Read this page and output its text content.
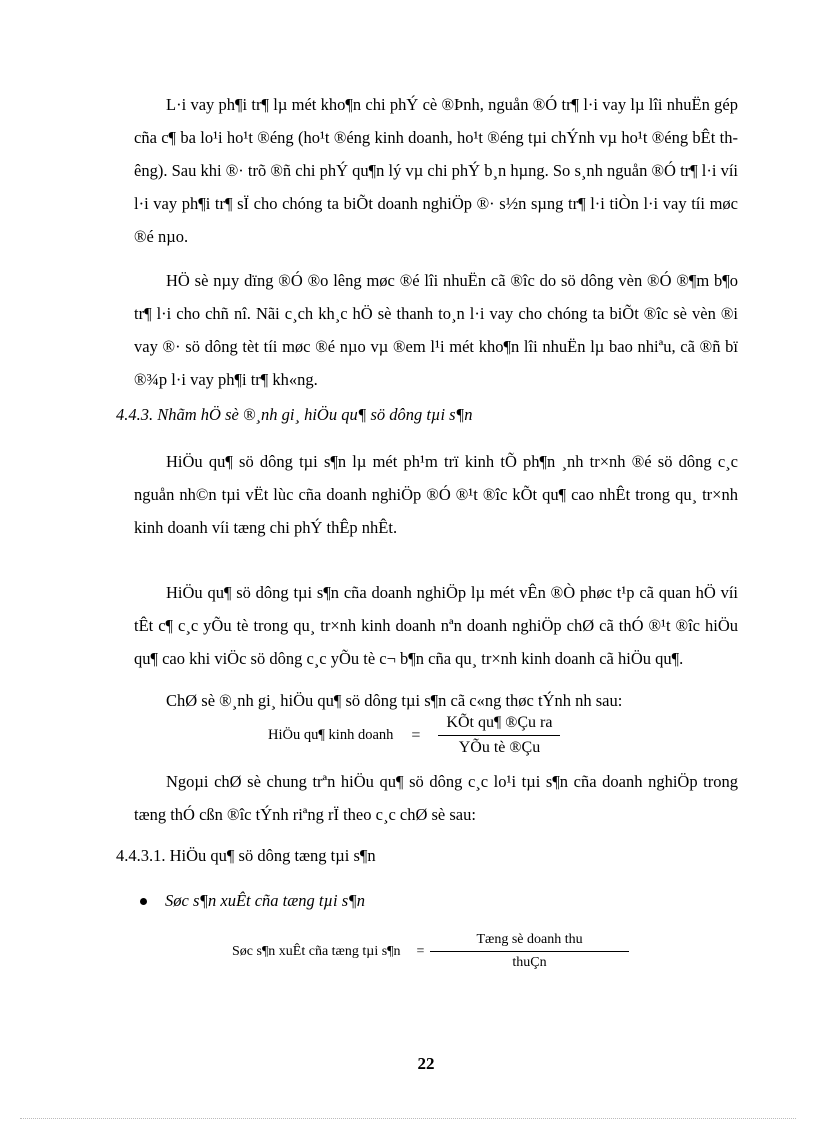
L·i vay ph¶i tr¶ lµ mét kho¶n chi phÝ cè ®Þnh, nguån ®Ó tr¶ l·i vay lµ lîi nhuËn gép cña c¶ ba lo¹i ho¹t ®éng (ho¹t ®éng kinh doanh, ho¹t ®éng tµi chÝnh vµ ho¹t ®éng bÊt thêng). Sau khi ®· trõ ®ñ chi phÝ qu¶n lý vµ chi phÝ b¸n hµng. So s¸nh nguån ®Ó tr¶ l·i víi l·i vay ph¶i tr¶ sÏ cho chóng ta biÕt doanh nghiÖp ®· s½n sµng tr¶ l·i tiÒn l·i vay tíi møc ®é nµo.

HÖ sè nµy dïng ®Ó ®o lêng møc ®é lîi nhuËn cã ®îc do sö dông vèn ®Ó ®¶m b¶o tr¶ l·i cho chñ nî. Nãi c¸ch kh¸c hÖ sè thanh to¸n l·i vay cho chóng ta biÕt ®îc sè vèn ®i vay ®· sö dông tèt tíi møc ®é nµo vµ ®em l¹i mét kho¶n lîi nhuËn lµ bao nhiªu, cã ®ñ bï ®¾p l·i vay ph¶i tr¶ kh«ng.

4.4.3. Nhãm hÖ sè ®¸nh gi¸ hiÖu qu¶ sö dông tµi s¶n

HiÖu qu¶ sö dông tµi s¶n lµ mét ph¹m trï kinh tÕ ph¶n ¸nh tr×nh ®é sö dông c¸c nguån nh©n tµi vËt lùc cña doanh nghiÖp ®Ó ®¹t ®îc kÕt qu¶ cao nhÊt trong qu¸ tr×nh kinh doanh víi tæng chi phÝ thÊp nhÊt.

HiÖu qu¶ sö dông tµi s¶n cña doanh nghiÖp lµ mét vÊn ®Ò phøc t¹p cã quan hÖ víi tÊt c¶ c¸c yÕu tè trong qu¸ tr×nh kinh doanh nªn doanh nghiÖp chØ cã thÓ ®¹t ®îc hiÖu qu¶ cao khi viÖc sö dông c¸c yÕu tè c¬ b¶n cña qu¸ tr×nh kinh doanh cã hiÖu qu¶.

ChØ sè ®¸nh gi¸ hiÖu qu¶ sö dông tµi s¶n cã c«ng thøc tÝnh nh sau:

HiÖu qu¶ kinh doanh = $\frac{\text{KÕt qu¶ ®Çu ra}}{\text{YÕu tè ®Çu}}$

Ngoµi chØ sè chung trªn hiÖu qu¶ sö dông c¸c lo¹i tµi s¶n cña doanh nghiÖp trong tæng thÓ cßn ®îc tÝnh riªng rÏ theo c¸c chØ sè sau:

4.4.3.1. HiÖu qu¶ sö dông tæng tµi s¶n

Søc s¶n xuÊt cña tæng tµi s¶n
Søc s¶n xuÊt cña tæng tµi s¶n = $\frac{\text{Tæng sè doanh thu}}{\text{thuÇn}}$
22
